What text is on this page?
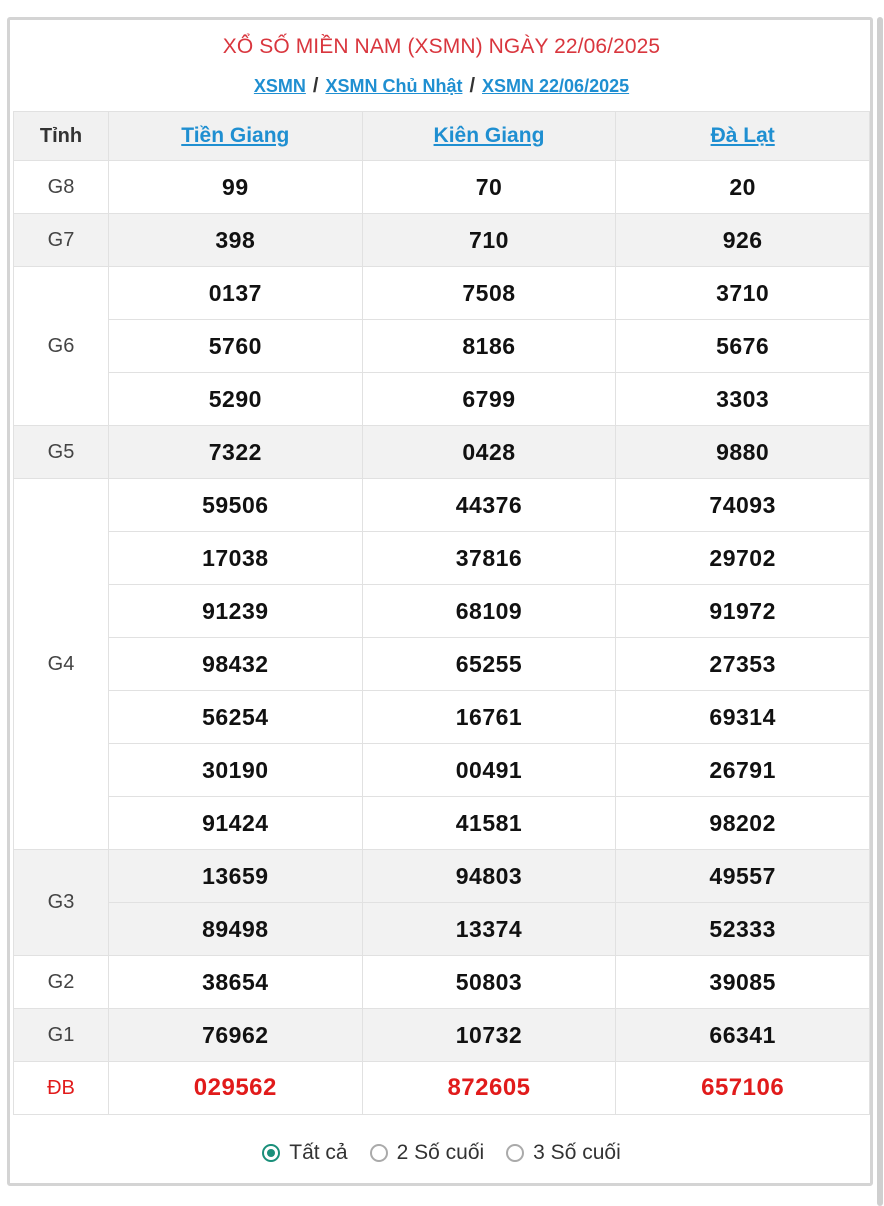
XỔ SỐ MIỀN NAM (XSMN) NGÀY 22/06/2025
XSMN / XSMN Chủ Nhật / XSMN 22/06/2025
Tỉnh	Tiền Giang	Kiên Giang	Đà Lạt
G8	99	70	20
G7	398	710	926
G6	0137	7508	3710
	5760	8186	5676
	5290	6799	3303
G5	7322	0428	9880
G4	59506	44376	74093
	17038	37816	29702
	91239	68109	91972
	98432	65255	27353
	56254	16761	69314
	30190	00491	26791
	91424	41581	98202
G3	13659	94803	49557
	89498	13374	52333
G2	38654	50803	39085
G1	76962	10732	66341
ĐB	029562	872605	657106
Tất cả 2 Số cuối 3 Số cuối
